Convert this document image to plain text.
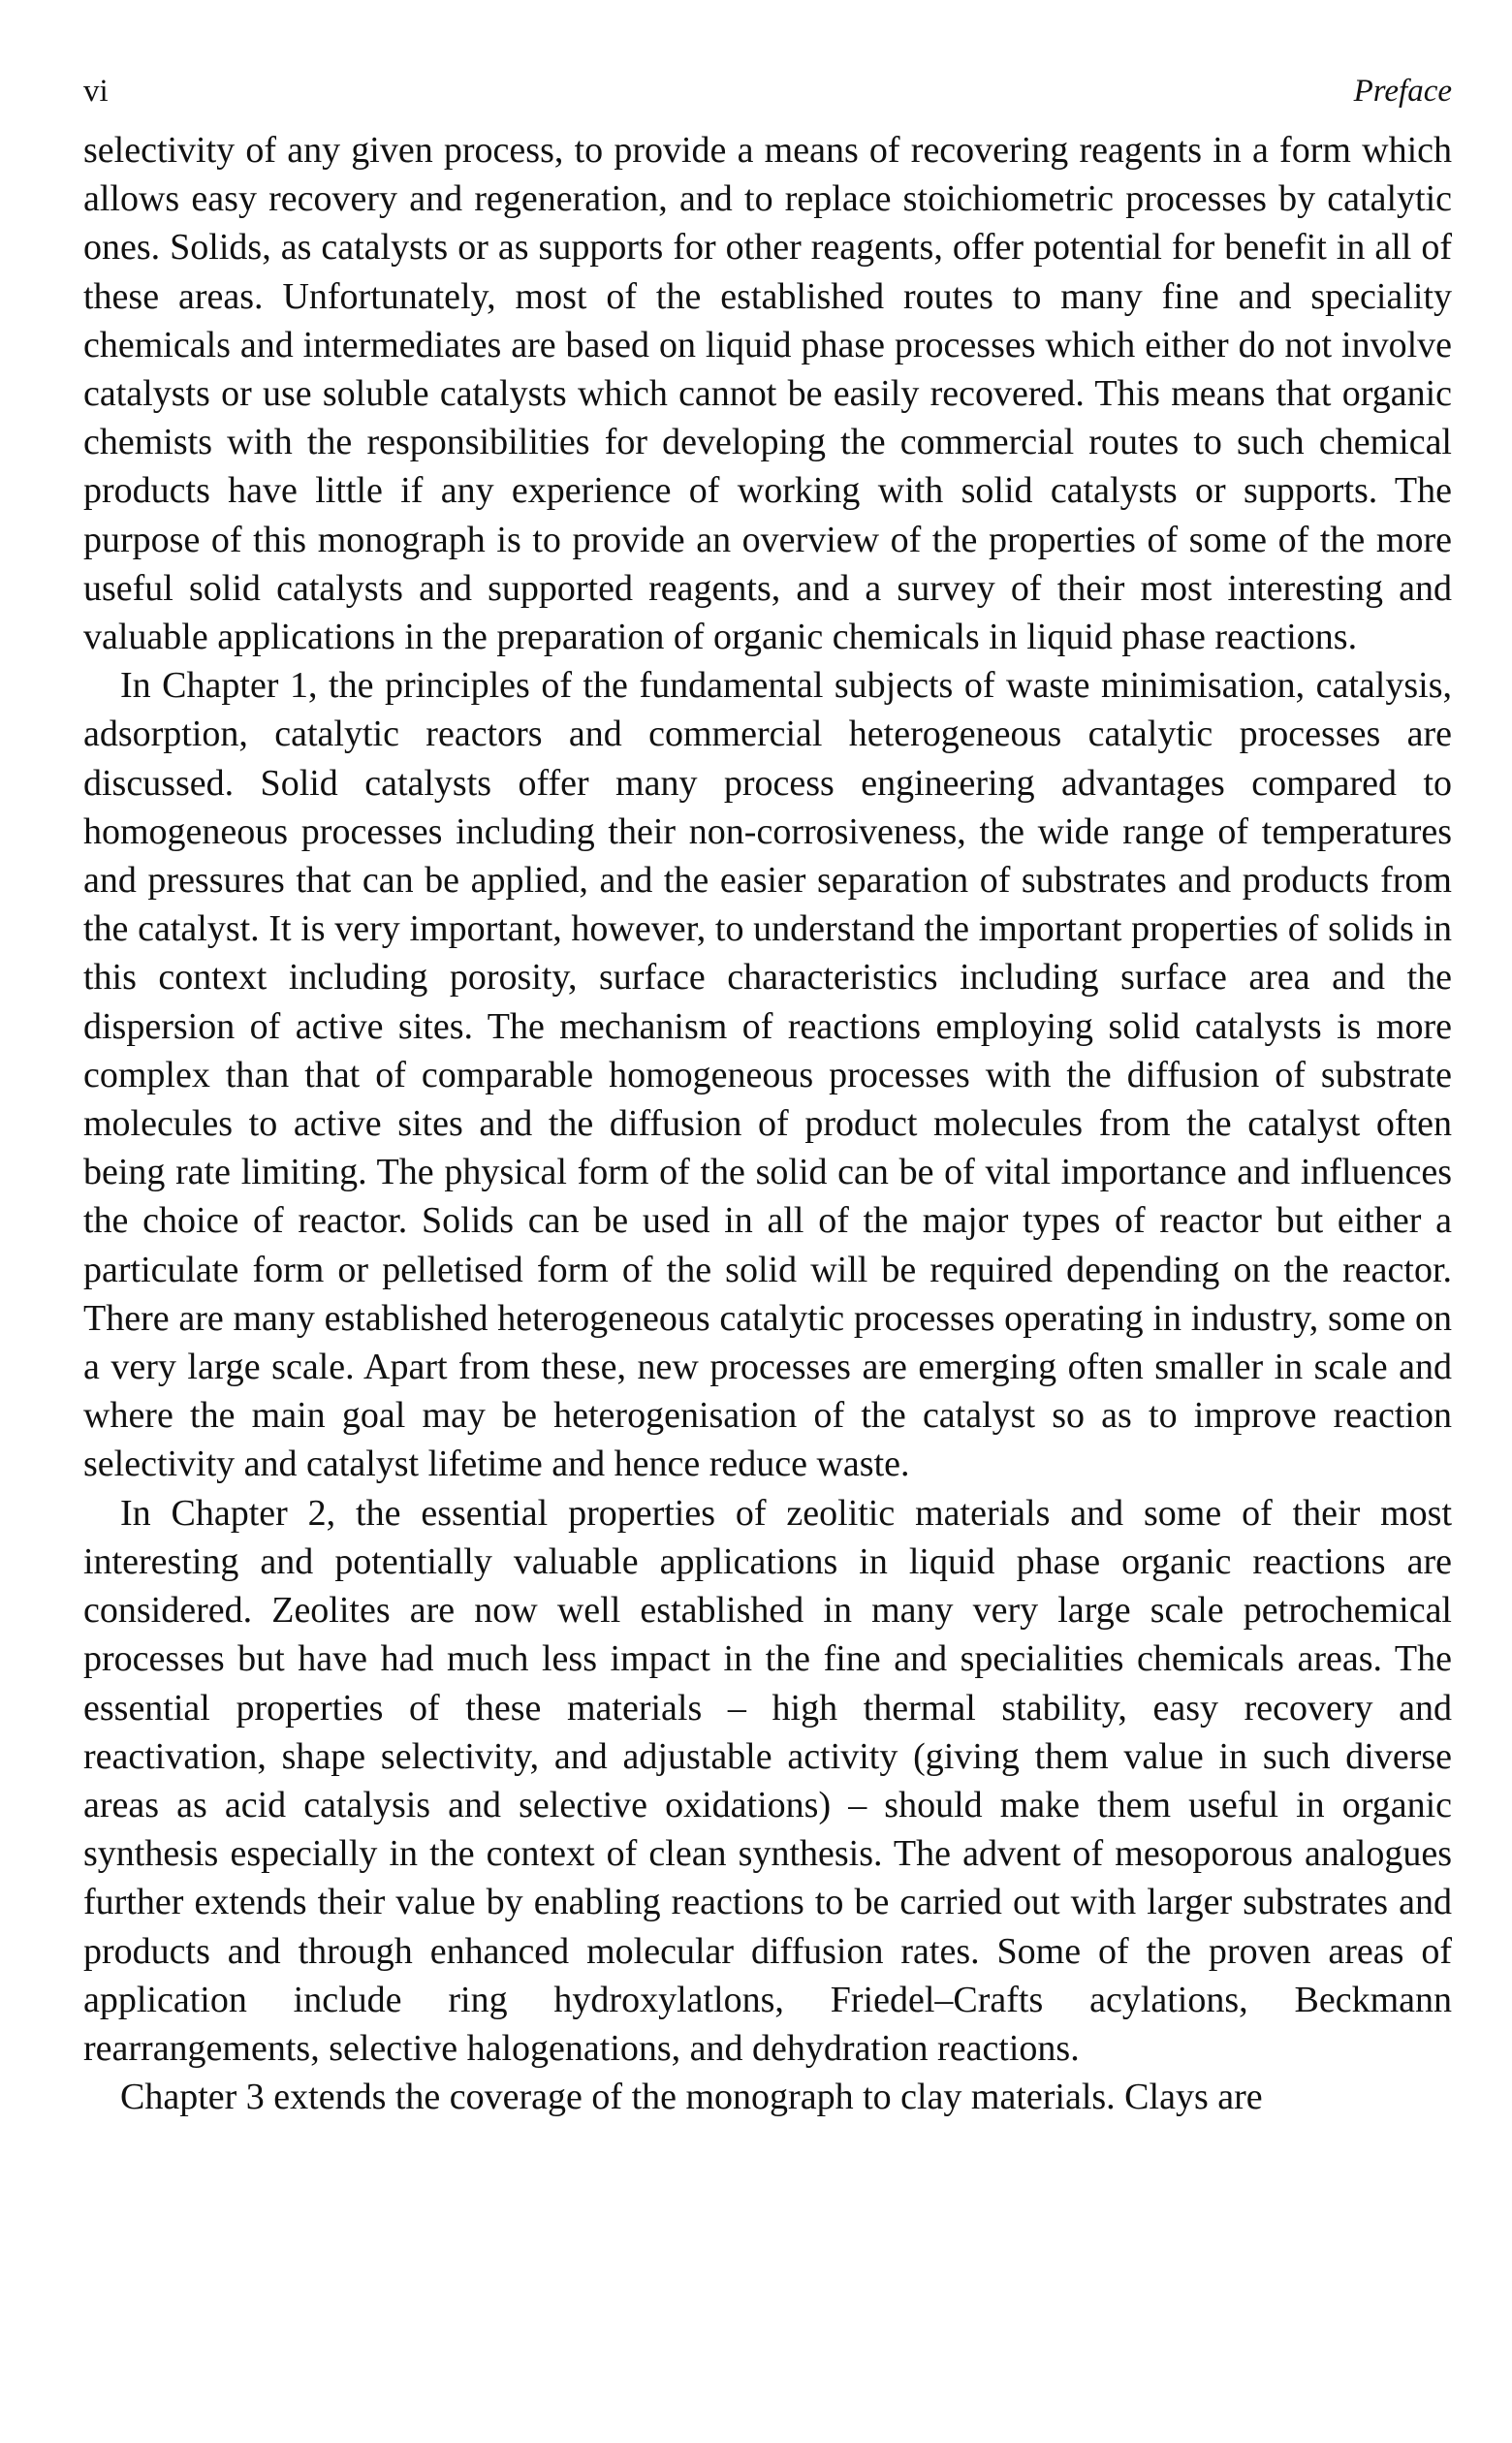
vi	Preface

selectivity of any given process, to provide a means of recovering reagents in a form which allows easy recovery and regeneration, and to replace stoichiometric processes by catalytic ones. Solids, as catalysts or as supports for other reagents, offer potential for benefit in all of these areas. Unfortunately, most of the established routes to many fine and speciality chemicals and intermediates are based on liquid phase processes which either do not involve catalysts or use soluble catalysts which cannot be easily recovered. This means that organic chemists with the responsibilities for developing the commercial routes to such chemical products have little if any experience of working with solid catalysts or supports. The purpose of this monograph is to provide an overview of the properties of some of the more useful solid catalysts and supported reagents, and a survey of their most interesting and valuable applications in the preparation of organic chemicals in liquid phase reactions.

In Chapter 1, the principles of the fundamental subjects of waste minimisation, catalysis, adsorption, catalytic reactors and commercial heterogeneous catalytic processes are discussed. Solid catalysts offer many process engineering advantages compared to homogeneous processes including their non-corrosiveness, the wide range of temperatures and pressures that can be applied, and the easier separation of substrates and products from the catalyst. It is very important, however, to understand the important properties of solids in this context including porosity, surface characteristics including surface area and the dispersion of active sites. The mechanism of reactions employing solid catalysts is more complex than that of comparable homogeneous processes with the diffusion of substrate molecules to active sites and the diffusion of product molecules from the catalyst often being rate limiting. The physical form of the solid can be of vital importance and influences the choice of reactor. Solids can be used in all of the major types of reactor but either a particulate form or pelletised form of the solid will be required depending on the reactor. There are many established heterogeneous catalytic processes operating in industry, some on a very large scale. Apart from these, new processes are emerging often smaller in scale and where the main goal may be heterogenisation of the catalyst so as to improve reaction selectivity and catalyst lifetime and hence reduce waste.

In Chapter 2, the essential properties of zeolitic materials and some of their most interesting and potentially valuable applications in liquid phase organic reactions are considered. Zeolites are now well established in many very large scale petrochemical processes but have had much less impact in the fine and specialities chemicals areas. The essential properties of these materials – high thermal stability, easy recovery and reactivation, shape selectivity, and adjustable activity (giving them value in such diverse areas as acid catalysis and selective oxidations) – should make them useful in organic synthesis especially in the context of clean synthesis. The advent of mesoporous analogues further extends their value by enabling reactions to be carried out with larger substrates and products and through enhanced molecular diffusion rates. Some of the proven areas of application include ring hydroxylatlons, Friedel–Crafts acylations, Beckmann rearrangements, selective halogenations, and dehydration reactions.

Chapter 3 extends the coverage of the monograph to clay materials. Clays are
